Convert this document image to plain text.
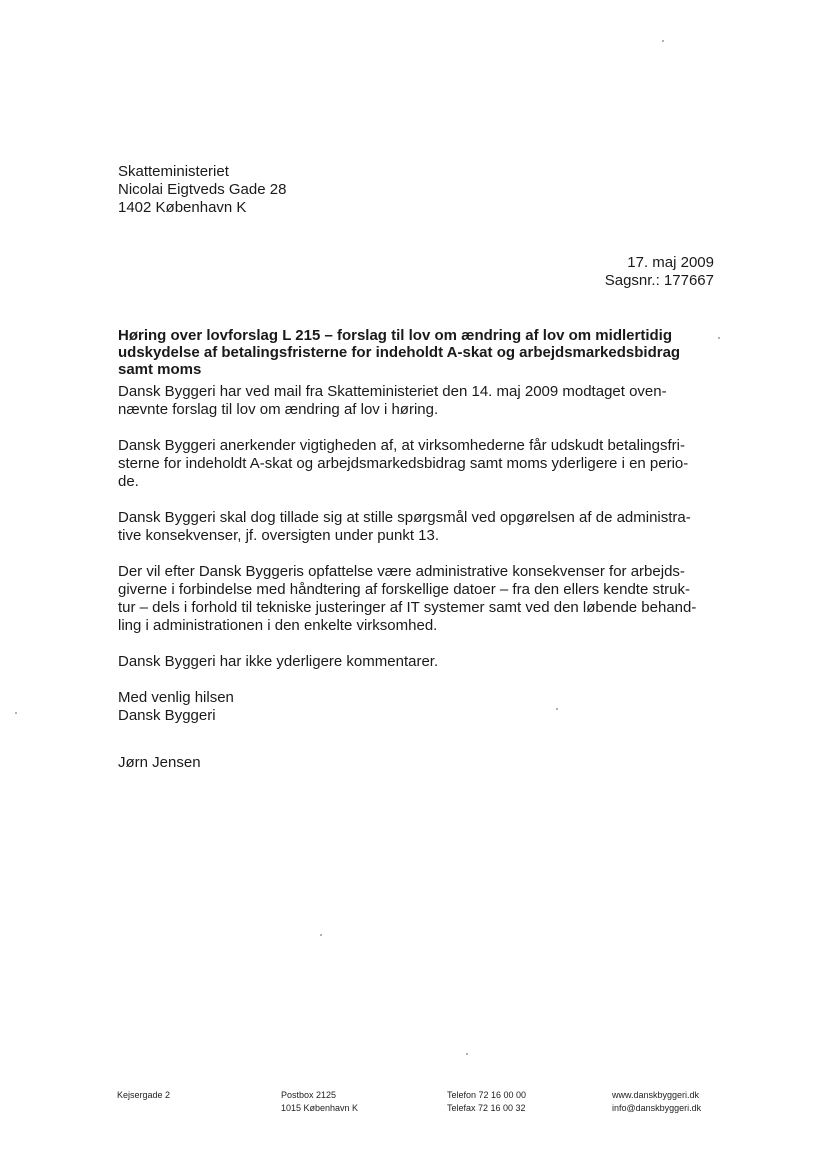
Skatteministeriet
Nicolai Eigtveds Gade 28
1402 København K
17. maj 2009
Sagsnr.: 177667
Høring over lovforslag L 215 – forslag til lov om ændring af lov om midlertidig
udskydelse af betalingsfristerne for indeholdt A-skat og arbejdsmarkedsbidrag
samt moms

Dansk Byggeri har ved mail fra Skatteministeriet den 14. maj 2009 modtaget oven-
nævnte forslag til lov om ændring af lov i høring.

Dansk Byggeri anerkender vigtigheden af, at virksomhederne får udskudt betalingsfri-
sterne for indeholdt A-skat og arbejdsmarkedsbidrag samt moms yderligere i en perio-
de.

Dansk Byggeri skal dog tillade sig at stille spørgsmål ved opgørelsen af de administra-
tive konsekvenser, jf. oversigten under punkt 13.

Der vil efter Dansk Byggeris opfattelse være administrative konsekvenser for arbejds-
giverne i forbindelse med håndtering af forskellige datoer – fra den ellers kendte struk-
tur – dels i forhold til tekniske justeringer af IT systemer samt ved den løbende behand-
ling i administrationen i den enkelte virksomhed.

Dansk Byggeri har ikke yderligere kommentarer.

Med venlig hilsen
Dansk Byggeri

Jørn Jensen
Kejsergade 2	Postbox 2125
1015 København K
Telefon 72 16 00 00
Telefax 72 16 00 32
www.danskbyggeri.dk
info@danskbyggeri.dk
